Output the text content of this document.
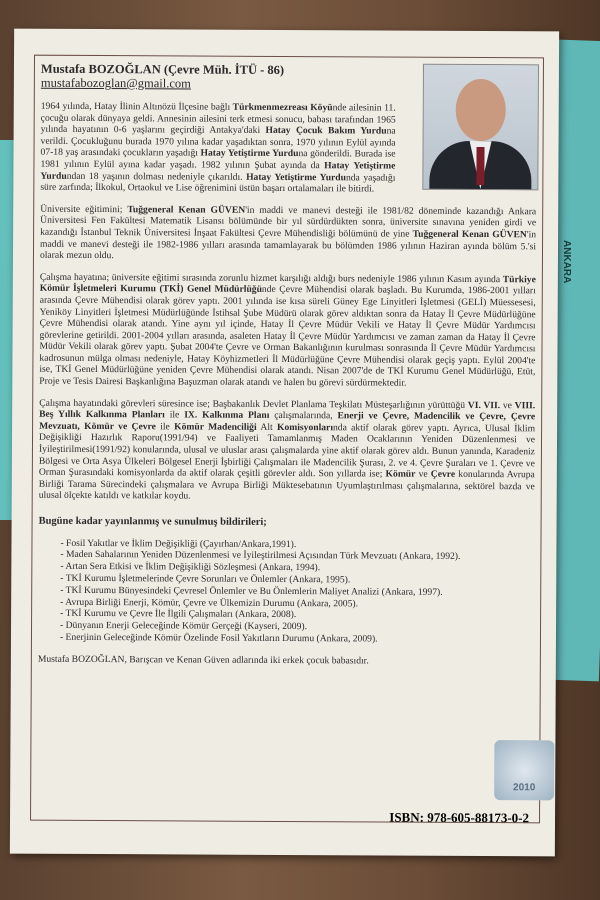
ANKARA
Mustafa BOZOĞLAN (Çevre Müh. İTÜ - 86)
mustafabozoglan@gmail.com

1964 yılında, Hatay İlinin Altınözü İlçesine bağlı Türkmenmezreası Köyünde ailesinin 11. çocuğu olarak dünyaya geldi. Annesinin ailesini terk etmesi sonucu, babası tarafından 1965 yılında hayatının 0-6 yaşlarını geçirdiği Antakya'daki Hatay Çocuk Bakım Yurduna verildi. Çocukluğunu burada 1970 yılına kadar yaşadıktan sonra, 1970 yılının Eylül ayında 07-18 yaş arasındaki çocukların yaşadığı Hatay Yetiştirme Yurduna gönderildi. Burada ise 1981 yılının Eylül ayına kadar yaşadı. 1982 yılının Şubat ayında da Hatay Yetiştirme Yurdundan 18 yaşının dolması nedeniyle çıkarıldı. Hatay Yetiştirme Yurdunda yaşadığı süre zarfında; İlkokul, Ortaokul ve Lise öğrenimini üstün başarı ortalamaları ile bitirdi.

Üniversite eğitimini; Tuğgeneral Kenan GÜVEN'in maddi ve manevi desteği ile 1981/82 döneminde kazandığı Ankara Üniversitesi Fen Fakültesi Matematik Lisansı bölümünde bir yıl sürdürdükten sonra, üniversite sınavına yeniden girdi ve kazandığı İstanbul Teknik Üniversitesi İnşaat Fakültesi Çevre Mühendisliği bölümünü de yine Tuğgeneral Kenan GÜVEN'in maddi ve manevi desteği ile 1982-1986 yılları arasında tamamlayarak bu bölümden 1986 yılının Haziran ayında bölüm 5.'si olarak mezun oldu.

Çalışma hayatına; üniversite eğitimi sırasında zorunlu hizmet karşılığı aldığı burs nedeniyle 1986 yılının Kasım ayında Türkiye Kömür İşletmeleri Kurumu (TKİ) Genel Müdürlüğünde Çevre Mühendisi olarak başladı. Bu Kurumda, 1986-2001 yılları arasında Çevre Mühendisi olarak görev yaptı. 2001 yılında ise kısa süreli Güney Ege Linyitleri İşletmesi (GELİ) Müessesesi, Yeniköy Linyitleri İşletmesi Müdürlüğünde İstihsal Şube Müdürü olarak görev aldıktan sonra da Hatay İl Çevre Müdürlüğüne Çevre Mühendisi olarak atandı. Yine aynı yıl içinde, Hatay İl Çevre Müdür Vekili ve Hatay İl Çevre Müdür Yardımcısı görevlerine getirildi. 2001-2004 yılları arasında, asaleten Hatay İl Çevre Müdür Yardımcısı ve zaman zaman da Hatay İl Çevre Müdür Vekili olarak görev yaptı. Şubat 2004'te Çevre ve Orman Bakanlığının kurulması sonrasında İl Çevre Müdür Yardımcısı kadrosunun mülga olması nedeniyle, Hatay Köyhizmetleri İl Müdürlüğüne Çevre Mühendisi olarak geçiş yaptı. Eylül 2004'te ise, TKİ Genel Müdürlüğüne yeniden Çevre Mühendisi olarak atandı. Nisan 2007'de de TKİ Kurumu Genel Müdürlüğü, Etüt, Proje ve Tesis Dairesi Başkanlığına Başuzman olarak atandı ve halen bu görevi sürdürmektedir.

Çalışma hayatındaki görevleri süresince ise; Başbakanlık Devlet Planlama Teşkilatı Müsteşarlığının yürüttüğü VI. VII. ve VIII. Beş Yıllık Kalkınma Planları ile IX. Kalkınma Planı çalışmalarında, Enerji ve Çevre, Madencilik ve Çevre, Çevre Mevzuatı, Kömür ve Çevre ile Kömür Madenciliği Alt Komisyonlarında aktif olarak görev yaptı. Ayrıca, Ulusal İklim Değişikliği Hazırlık Raporu(1991/94) ve Faaliyeti Tamamlanmış Maden Ocaklarının Yeniden Düzenlenmesi ve İyileştirilmesi(1991/92) konularında, ulusal ve uluslar arası çalışmalarda yine aktif olarak görev aldı. Bunun yanında, Karadeniz Bölgesi ve Orta Asya Ülkeleri Bölgesel Enerji İşbirliği Çalışmaları ile Madencilik Şurası, 2. ve 4. Çevre Şuraları ve 1. Çevre ve Orman Şurasındaki komisyonlarda da aktif olarak çeşitli görevler aldı. Son yıllarda ise; Kömür ve Çevre konularında Avrupa Birliği Tarama Sürecindeki çalışmalara ve Avrupa Birliği Müktesebatının Uyumlaştırılması çalışmalarına, sektörel bazda ve ulusal ölçekte katıldı ve katkılar koydu.

Bugüne kadar yayınlanmış ve sunulmuş bildirileri;
- Fosil Yakıtlar ve İklim Değişikliği (Çayırhan/Ankara,1991).
- Maden Sahalarının Yeniden Düzenlenmesi ve İyileştirilmesi Açısından Türk Mevzuatı (Ankara, 1992).
- Artan Sera Etkisi ve İklim Değişikliği Sözleşmesi (Ankara, 1994).
- TKİ Kurumu İşletmelerinde Çevre Sorunları ve Önlemler (Ankara, 1995).
- TKİ Kurumu Bünyesindeki Çevresel Önlemler ve Bu Önlemlerin Maliyet Analizi (Ankara, 1997).
- Avrupa Birliği Enerji, Kömür, Çevre ve Ülkemizin Durumu (Ankara, 2005).
- TKİ Kurumu ve Çevre İle İlgili Çalışmaları (Ankara, 2008).
- Dünyanın Enerji Geleceğinde Kömür Gerçeği (Kayseri, 2009).
- Enerjinin Geleceğinde Kömür Özelinde Fosil Yakıtların Durumu (Ankara, 2009).
Mustafa BOZOĞLAN, Barışcan ve Kenan Güven adlarında iki erkek çocuk babasıdır.
2010
ISBN: 978-605-88173-0-2
